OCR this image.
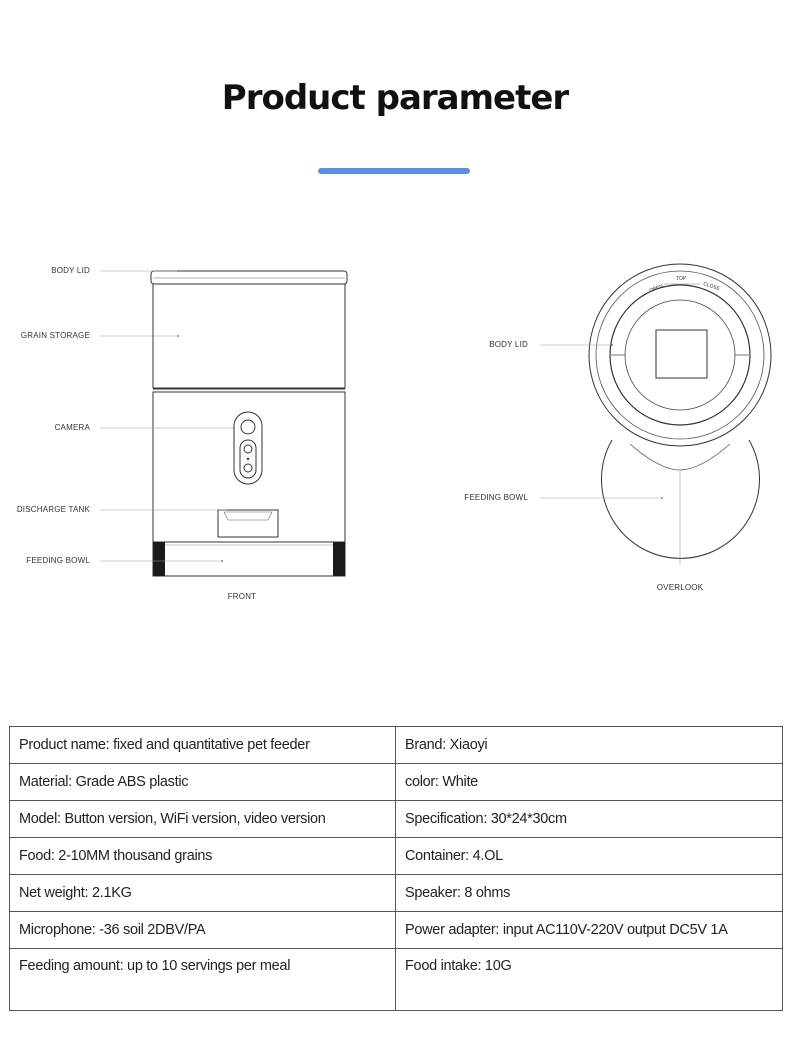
Product parameter
BODY LID
GRAIN STORAGE
CAMERA
DISCHARGE TANK
FEEDING BOWL
FRONT
OPEN
TOP
CLOSE
BODY LID
FEEDING BOWL
OVERLOOK
Product name: fixed and quantitative pet feeder	Brand: Xiaoyi
Material: Grade ABS plastic	color: White
Model: Button version, WiFi version, video version	Specification: 30*24*30cm
Food: 2-10MM thousand grains	Container: 4.OL
Net weight: 2.1KG	Speaker: 8 ohms
Microphone: -36 soil 2DBV/PA	Power adapter: input AC110V-220V output DC5V 1A
Feeding amount: up to 10 servings per meal	Food intake: 10G
